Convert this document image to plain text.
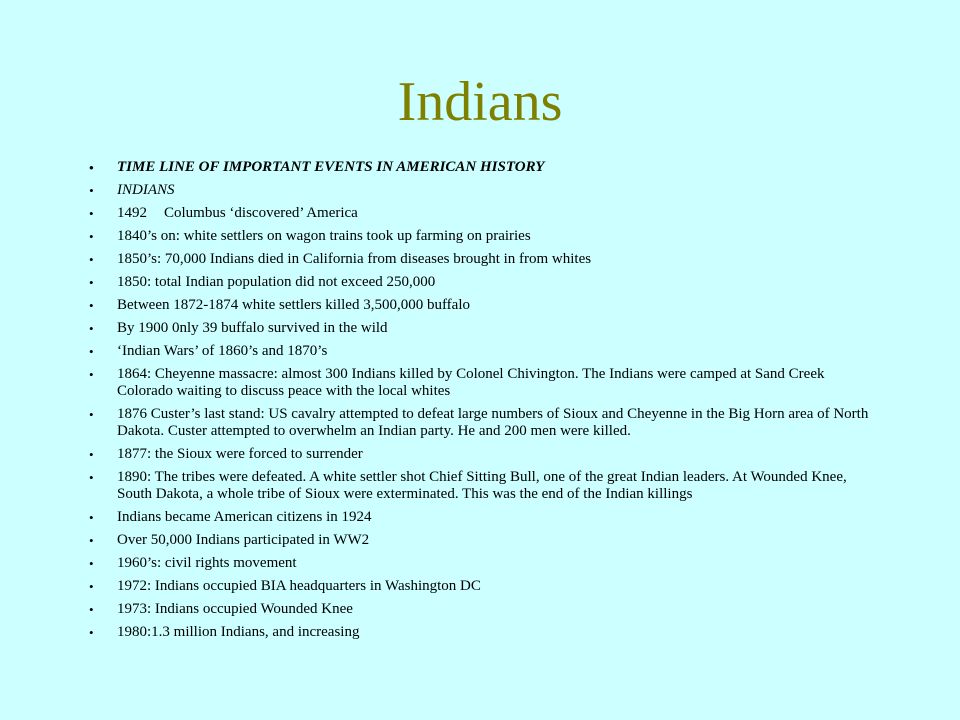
Indians
• TIME LINE OF IMPORTANT EVENTS IN AMERICAN HISTORY
• INDIANS
• 1492 Columbus ‘discovered’ America
• 1840’s on: white settlers on wagon trains took up farming on prairies
• 1850’s: 70,000 Indians died in California from diseases brought in from whites
• 1850: total Indian population did not exceed 250,000
• Between 1872-1874 white settlers killed 3,500,000 buffalo
• By 1900 0nly 39 buffalo survived in the wild
• ‘Indian Wars’ of 1860’s and 1870’s
• 1864: Cheyenne massacre: almost 300 Indians killed by Colonel Chivington. The Indians were camped at Sand Creek Colorado waiting to discuss peace with the local whites
• 1876 Custer’s last stand: US cavalry attempted to defeat large numbers of Sioux and Cheyenne in the Big Horn area of North Dakota. Custer attempted to overwhelm an Indian party. He and 200 men were killed.
• 1877: the Sioux were forced to surrender
• 1890: The tribes were defeated. A white settler shot Chief Sitting Bull, one of the great Indian leaders. At Wounded Knee, South Dakota, a whole tribe of Sioux were exterminated. This was the end of the Indian killings
• Indians became American citizens in 1924
• Over 50,000 Indians participated in WW2
• 1960’s: civil rights movement
• 1972: Indians occupied BIA headquarters in Washington DC
• 1973: Indians occupied Wounded Knee
• 1980:1.3 million Indians, and increasing
